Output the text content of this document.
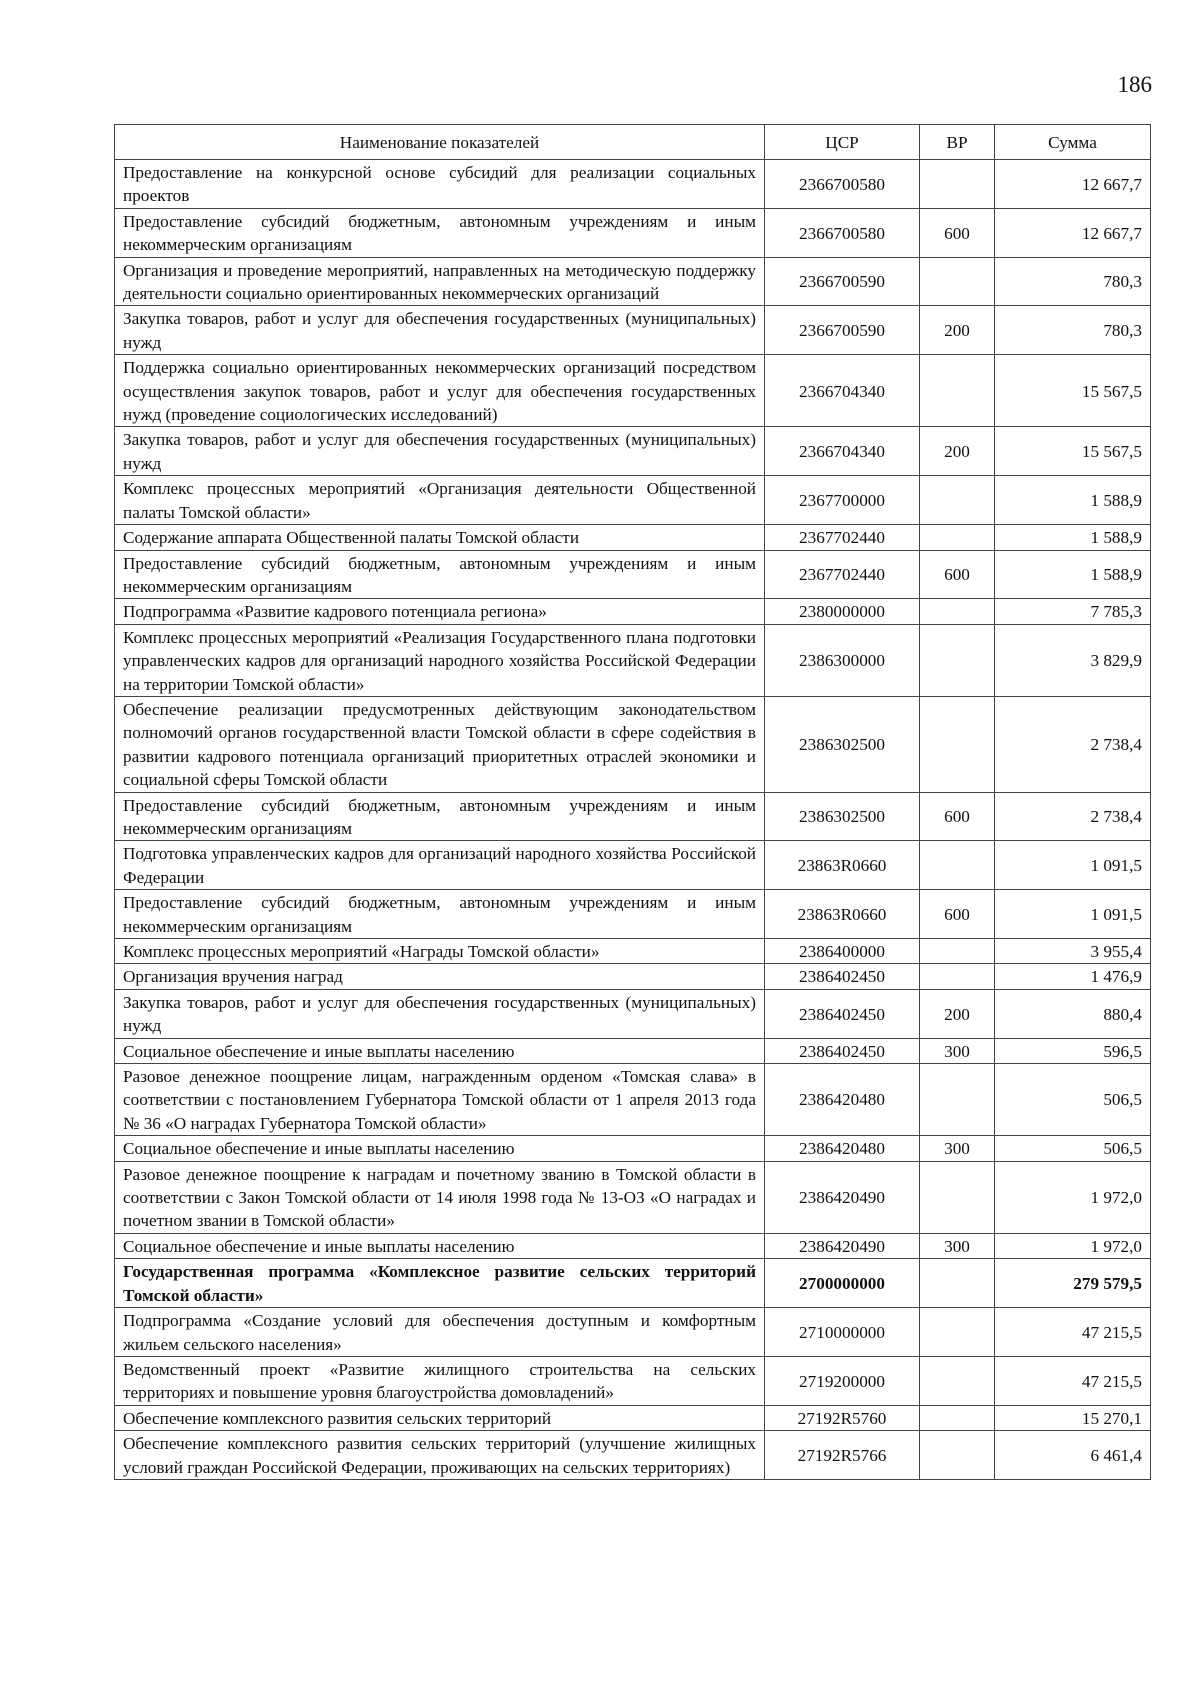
186
Наименование показателей	ЦСР	ВР	Сумма
Предоставление на конкурсной основе субсидий для реализации социальных проектов	2366700580		12 667,7
Предоставление субсидий бюджетным, автономным учреждениям и иным некоммерческим организациям	2366700580	600	12 667,7
Организация и проведение мероприятий, направленных на методическую поддержку деятельности социально ориентированных некоммерческих организаций	2366700590		780,3
Закупка товаров, работ и услуг для обеспечения государственных (муниципальных) нужд	2366700590	200	780,3
Поддержка социально ориентированных некоммерческих организаций посредством осуществления закупок товаров, работ и услуг для обеспечения государственных нужд (проведение социологических исследований)	2366704340		15 567,5
Закупка товаров, работ и услуг для обеспечения государственных (муниципальных) нужд	2366704340	200	15 567,5
Комплекс процессных мероприятий «Организация деятельности Общественной палаты Томской области»	2367700000		1 588,9
Содержание аппарата Общественной палаты Томской области	2367702440		1 588,9
Предоставление субсидий бюджетным, автономным учреждениям и иным некоммерческим организациям	2367702440	600	1 588,9
Подпрограмма «Развитие кадрового потенциала региона»	2380000000		7 785,3
Комплекс процессных мероприятий «Реализация Государственного плана подготовки управленческих кадров для организаций народного хозяйства Российской Федерации на территории Томской области»	2386300000		3 829,9
Обеспечение реализации предусмотренных действующим законодательством полномочий органов государственной власти Томской области в сфере содействия в развитии кадрового потенциала организаций приоритетных отраслей экономики и социальной сферы Томской области	2386302500		2 738,4
Предоставление субсидий бюджетным, автономным учреждениям и иным некоммерческим организациям	2386302500	600	2 738,4
Подготовка управленческих кадров для организаций народного хозяйства Российской Федерации	23863R0660		1 091,5
Предоставление субсидий бюджетным, автономным учреждениям и иным некоммерческим организациям	23863R0660	600	1 091,5
Комплекс процессных мероприятий «Награды Томской области»	2386400000		3 955,4
Организация вручения наград	2386402450		1 476,9
Закупка товаров, работ и услуг для обеспечения государственных (муниципальных) нужд	2386402450	200	880,4
Социальное обеспечение и иные выплаты населению	2386402450	300	596,5
Разовое денежное поощрение лицам, награжденным орденом «Томская слава» в соответствии с постановлением Губернатора Томской области от 1 апреля 2013 года № 36 «О наградах Губернатора Томской области»	2386420480		506,5
Социальное обеспечение и иные выплаты населению	2386420480	300	506,5
Разовое денежное поощрение к наградам и почетному званию в Томской области в соответствии с Закон Томской области от 14 июля 1998 года № 13-ОЗ «О наградах и почетном звании в Томской области»	2386420490		1 972,0
Социальное обеспечение и иные выплаты населению	2386420490	300	1 972,0
Государственная программа «Комплексное развитие сельских территорий Томской области»	2700000000		279 579,5
Подпрограмма «Создание условий для обеспечения доступным и комфортным жильем сельского населения»	2710000000		47 215,5
Ведомственный проект «Развитие жилищного строительства на сельских территориях и повышение уровня благоустройства домовладений»	2719200000		47 215,5
Обеспечение комплексного развития сельских территорий	27192R5760		15 270,1
Обеспечение комплексного развития сельских территорий (улучшение жилищных условий граждан Российской Федерации, проживающих на сельских территориях)	27192R5766		6 461,4
